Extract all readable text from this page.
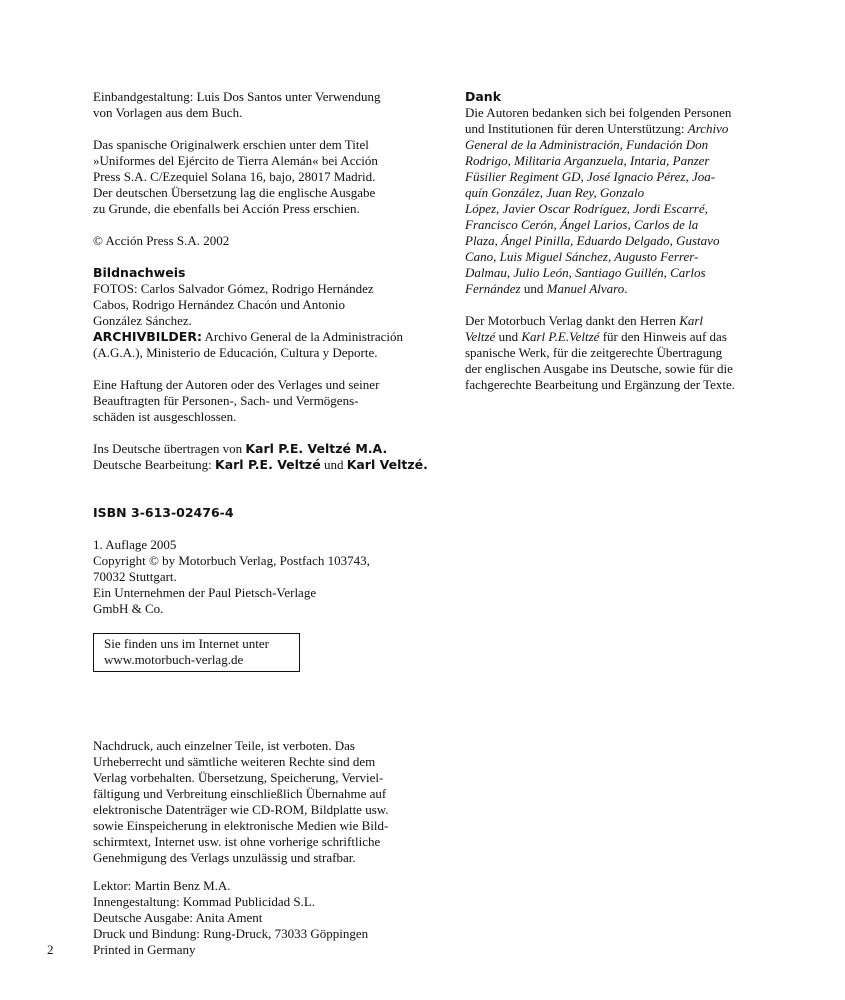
Einbandgestaltung: Luis Dos Santos unter Verwendung
von Vorlagen aus dem Buch.

Das spanische Originalwerk erschien unter dem Titel
»Uniformes del Ejército de Tierra Alemán« bei Acción
Press S.A. C/Ezequiel Solana 16, bajo, 28017 Madrid.
Der deutschen Übersetzung lag die englische Ausgabe
zu Grunde, die ebenfalls bei Acción Press erschien.

© Acción Press S.A. 2002

Bildnachweis

FOTOS: Carlos Salvador Gómez, Rodrigo Hernández
Cabos, Rodrigo Hernández Chacón und Antonio
González Sánchez.
ARCHIVBILDER: Archivo General de la Administración
(A.G.A.), Ministerio de Educación, Cultura y Deporte.

Eine Haftung der Autoren oder des Verlages und seiner
Beauftragten für Personen-, Sach- und Vermögens-
schäden ist ausgeschlossen.

Ins Deutsche übertragen von Karl P.E. Veltzé M.A.
Deutsche Bearbeitung: Karl P.E. Veltzé und Karl Veltzé.

ISBN 3-613-02476-4

1. Auflage 2005
Copyright © by Motorbuch Verlag, Postfach 103743,
70032 Stuttgart.
Ein Unternehmen der Paul Pietsch-Verlage
GmbH & Co.

Sie finden uns im Internet unter
www.motorbuch-verlag.de
Nachdruck, auch einzelner Teile, ist verboten. Das
Urheberrecht und sämtliche weiteren Rechte sind dem
Verlag vorbehalten. Übersetzung, Speicherung, Verviel-
fältigung und Verbreitung einschließlich Übernahme auf
elektronische Datenträger wie CD-ROM, Bildplatte usw.
sowie Einspeicherung in elektronische Medien wie Bild-
schirmtext, Internet usw. ist ohne vorherige schriftliche
Genehmigung des Verlags unzulässig und strafbar.
Lektor: Martin Benz M.A.
Innengestaltung: Kommad Publicidad S.L.
Deutsche Ausgabe: Anita Ament
Druck und Bindung: Rung-Druck, 73033 Göppingen
Printed in Germany
2

Dank

Die Autoren bedanken sich bei folgenden Personen
und Institutionen für deren Unterstützung: Archivo
General de la Administración, Fundación Don
Rodrigo, Militaria Arganzuela, Intaria, Panzer
Füsilier Regiment GD, José Ignacio Pérez, Joa-
quín González, Juan Rey, Gonzalo
López, Javier Oscar Rodríguez, Jordi Escarré,
Francisco Cerón, Ángel Larios, Carlos de la
Plaza, Ángel Pinilla, Eduardo Delgado, Gustavo
Cano, Luis Miguel Sánchez, Augusto Ferrer-
Dalmau, Julio León, Santiago Guillén, Carlos
Fernández und Manuel Alvaro.

Der Motorbuch Verlag dankt den Herren Karl
Veltzé und Karl P.E.Veltzé für den Hinweis auf das
spanische Werk, für die zeitgerechte Übertragung
der englischen Ausgabe ins Deutsche, sowie für die
fachgerechte Bearbeitung und Ergänzung der Texte.
